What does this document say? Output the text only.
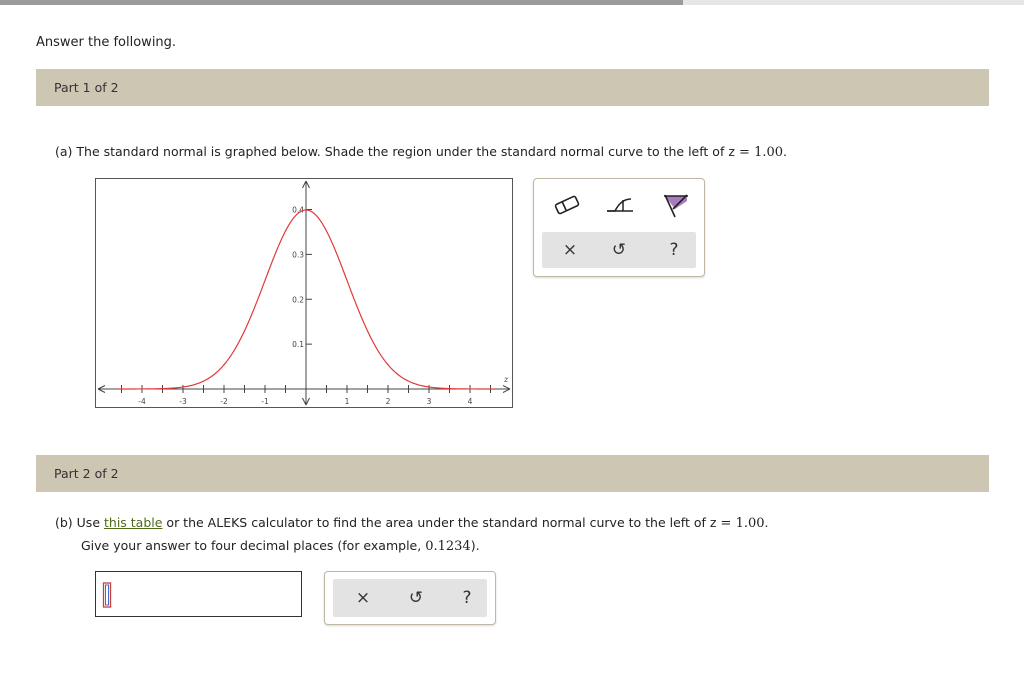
Answer the following.
Part 1 of 2
(a) The standard normal is graphed below. Shade the region under the standard normal curve to the left of z = 1.00.
-4	-3	-2	-1	1	2	3	4
0.1
0.2
0.3
0.4
z
×	↺	?
Part 2 of 2
(b) Use this table or the ALEKS calculator to find the area under the standard normal curve to the left of z = 1.00.
Give your answer to four decimal places (for example, 0.1234).
×	↺	?
